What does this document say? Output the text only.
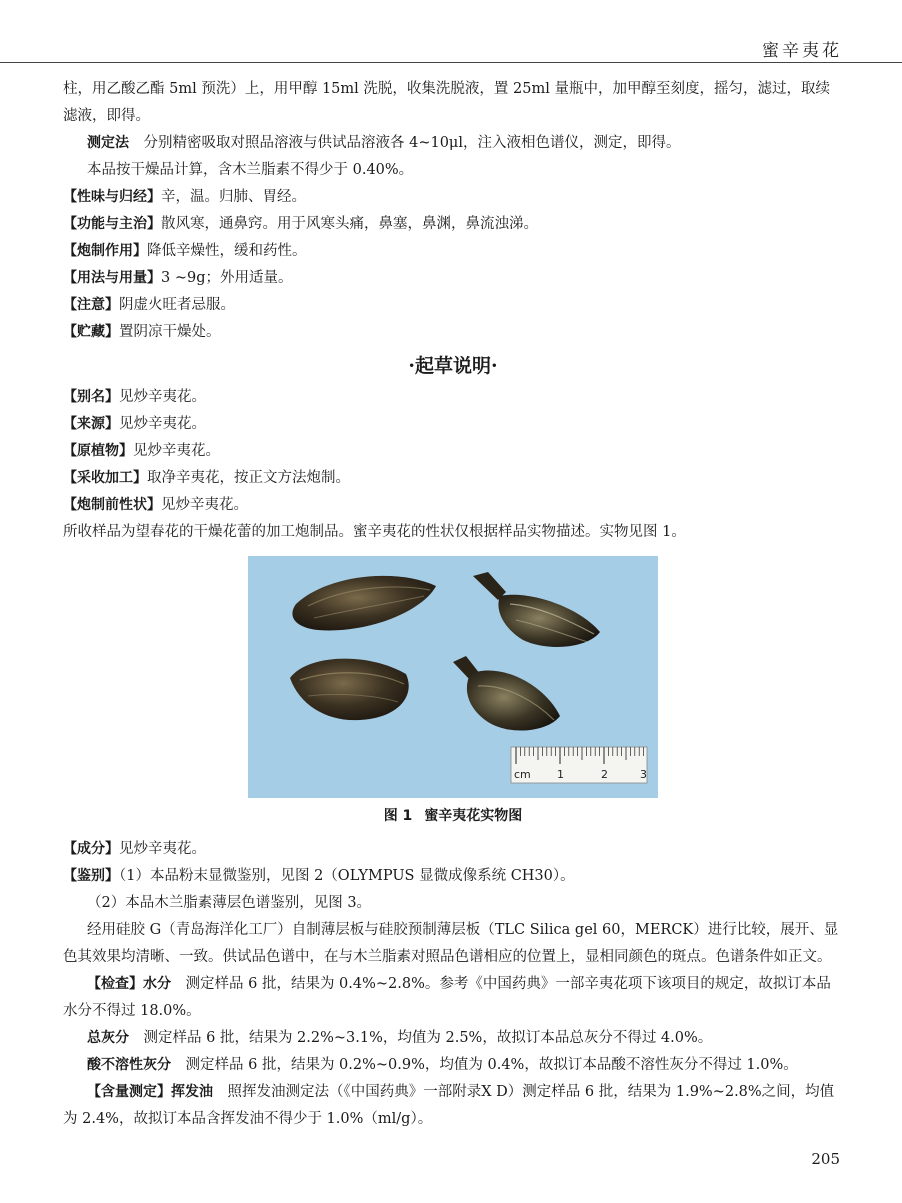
蜜辛夷花

柱，用乙酸乙酯 5ml 预洗）上，用甲醇 15ml 洗脱，收集洗脱液，置 25ml 量瓶中，加甲醇至刻度，摇匀，滤过，取续滤液，即得。

测定法　分别精密吸取对照品溶液与供试品溶液各 4~10μl，注入液相色谱仪，测定，即得。

本品按干燥品计算，含木兰脂素不得少于 0.40%。

【性味与归经】辛，温。归肺、胃经。

【功能与主治】散风寒，通鼻窍。用于风寒头痛，鼻塞，鼻渊，鼻流浊涕。

【炮制作用】降低辛燥性，缓和药性。

【用法与用量】3 ~9g；外用适量。

【注意】阴虚火旺者忌服。

【贮藏】置阴凉干燥处。

·起草说明·

【别名】见炒辛夷花。

【来源】见炒辛夷花。

【原植物】见炒辛夷花。

【采收加工】取净辛夷花，按正文方法炮制。

【炮制前性状】见炒辛夷花。

所收样品为望春花的干燥花蕾的加工炮制品。蜜辛夷花的性状仅根据样品实物描述。实物见图 1。

cm 1	2	3
图 1 蜜辛夷花实物图

【成分】见炒辛夷花。

【鉴别】（1）本品粉末显微鉴别，见图 2（OLYMPUS 显微成像系统 CH30）。

（2）本品木兰脂素薄层色谱鉴别，见图 3。

经用硅胶 G（青岛海洋化工厂）自制薄层板与硅胶预制薄层板（TLC Silica gel 60，MERCK）进行比较，展开、显色其效果均清晰、一致。供试品色谱中，在与木兰脂素对照品色谱相应的位置上，显相同颜色的斑点。色谱条件如正文。

【检查】水分　测定样品 6 批，结果为 0.4%~2.8%。参考《中国药典》一部辛夷花项下该项目的规定，故拟订本品水分不得过 18.0%。

总灰分　测定样品 6 批，结果为 2.2%~3.1%，均值为 2.5%，故拟订本品总灰分不得过 4.0%。

酸不溶性灰分　测定样品 6 批，结果为 0.2%~0.9%，均值为 0.4%，故拟订本品酸不溶性灰分不得过 1.0%。

【含量测定】挥发油　照挥发油测定法（《中国药典》一部附录Ⅹ D）测定样品 6 批，结果为 1.9%~2.8%之间，均值为 2.4%，故拟订本品含挥发油不得少于 1.0%（ml/g）。

205
